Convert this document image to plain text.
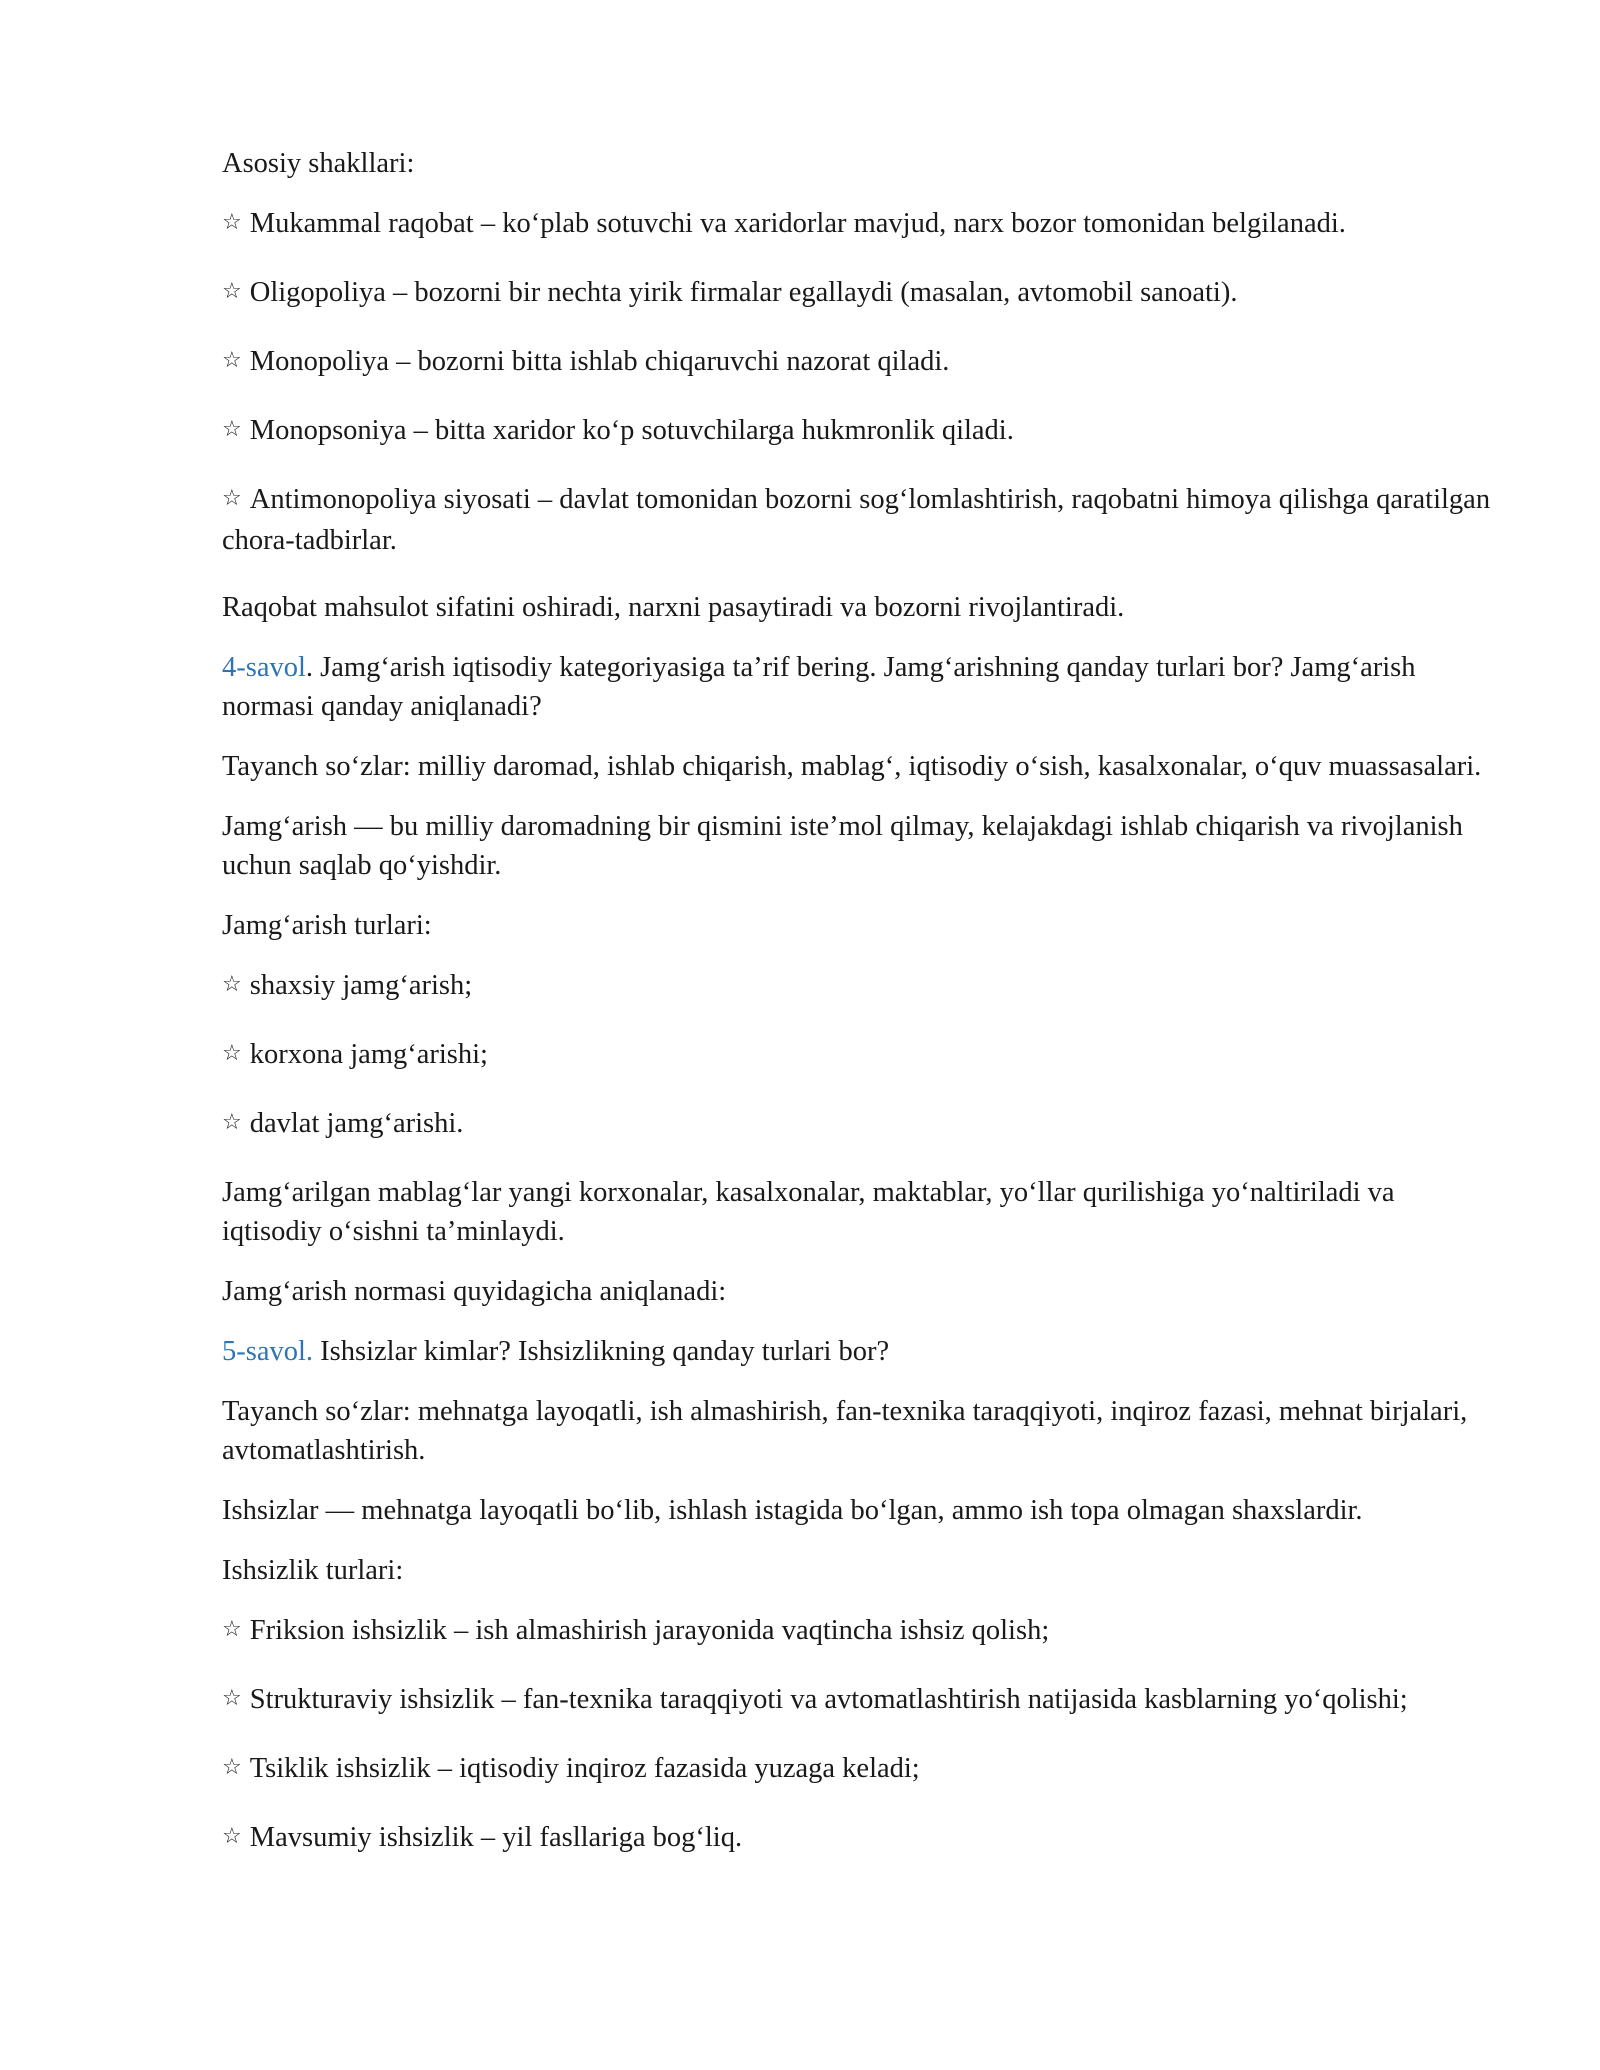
Asosiy shakllari:
☆ Mukammal raqobat – ko‘plab sotuvchi va xaridorlar mavjud, narx bozor tomonidan belgilanadi.
☆ Oligopoliya – bozorni bir nechta yirik firmalar egallaydi (masalan, avtomobil sanoati).
☆ Monopoliya – bozorni bitta ishlab chiqaruvchi nazorat qiladi.
☆ Monopsoniya – bitta xaridor ko‘p sotuvchilarga hukmronlik qiladi.
☆ Antimonopoliya siyosati – davlat tomonidan bozorni sog‘lomlashtirish, raqobatni himoya qilishga qaratilgan chora-tadbirlar.
Raqobat mahsulot sifatini oshiradi, narxni pasaytiradi va bozorni rivojlantiradi.
4-savol. Jamg‘arish iqtisodiy kategoriyasiga ta’rif bering. Jamg‘arishning qanday turlari bor? Jamg‘arish normasi qanday aniqlanadi?
Tayanch so‘zlar: milliy daromad, ishlab chiqarish, mablag‘, iqtisodiy o‘sish, kasalxonalar, o‘quv muassasalari.
Jamg‘arish — bu milliy daromadning bir qismini iste’mol qilmay, kelajakdagi ishlab chiqarish va rivojlanish uchun saqlab qo‘yishdir.
Jamg‘arish turlari:
☆ shaxsiy jamg‘arish;
☆ korxona jamg‘arishi;
☆ davlat jamg‘arishi.
Jamg‘arilgan mablag‘lar yangi korxonalar, kasalxonalar, maktablar, yo‘llar qurilishiga yo‘naltiriladi va iqtisodiy o‘sishni ta’minlaydi.
Jamg‘arish normasi quyidagicha aniqlanadi:
5-savol. Ishsizlar kimlar? Ishsizlikning qanday turlari bor?
Tayanch so‘zlar: mehnatga layoqatli, ish almashirish, fan-texnika taraqqiyoti, inqiroz fazasi, mehnat birjalari, avtomatlashtirish.
Ishsizlar — mehnatga layoqatli bo‘lib, ishlash istagida bo‘lgan, ammo ish topa olmagan shaxslardir.
Ishsizlik turlari:
☆ Friksion ishsizlik – ish almashirish jarayonida vaqtincha ishsiz qolish;
☆ Strukturaviy ishsizlik – fan-texnika taraqqiyoti va avtomatlashtirish natijasida kasblarning yo‘qolishi;
☆ Tsiklik ishsizlik – iqtisodiy inqiroz fazasida yuzaga keladi;
☆ Mavsumiy ishsizlik – yil fasllariga bog‘liq.
